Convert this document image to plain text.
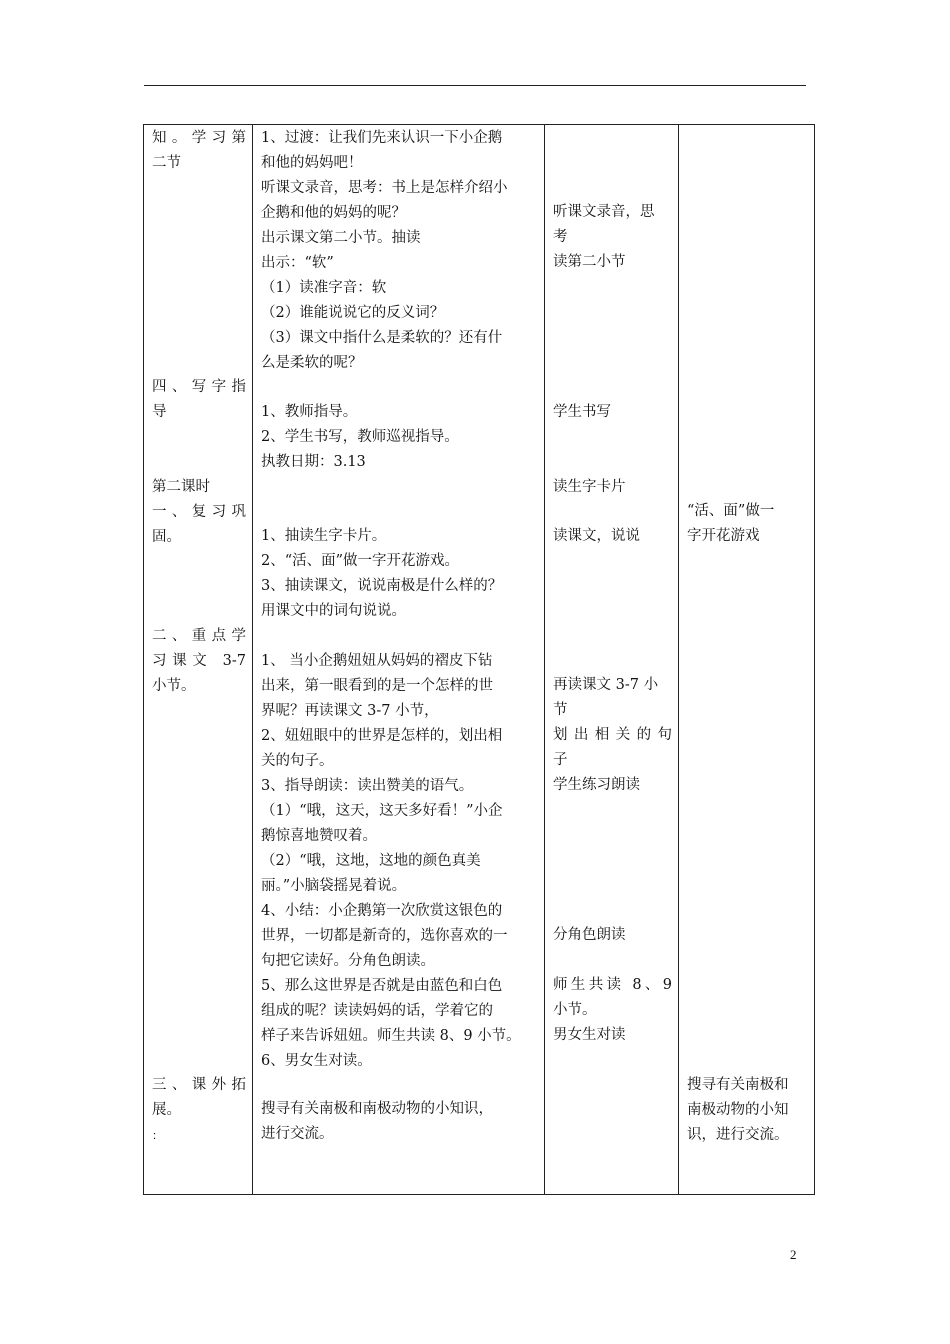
知。学习第
二节
四、写字指
导
第二课时
一、复习巩
固。
二、重点学
习课文 3-7
小节。
三、课外拓
展。
：
1、过渡：让我们先来认识一下小企鹅
和他的妈妈吧！
听课文录音，思考：书上是怎样介绍小
企鹅和他的妈妈的呢？
出示课文第二小节。抽读
出示：“软”
（1）读准字音：软
（2）谁能说说它的反义词？
（3）课文中指什么是柔软的？还有什
么是柔软的呢？
1、教师指导。
2、学生书写，教师巡视指导。
执教日期：3.13
1、抽读生字卡片。
2、“活、面”做一字开花游戏。
3、抽读课文，说说南极是什么样的？
用课文中的词句说说。
1、 当小企鹅妞妞从妈妈的褶皮下钻
出来，第一眼看到的是一个怎样的世
界呢？再读课文 3-7 小节，
2、妞妞眼中的世界是怎样的，划出相
关的句子。
3、指导朗读：读出赞美的语气。
（1）“哦，这天，这天多好看！”小企
鹅惊喜地赞叹着。
（2）“哦，这地，这地的颜色真美
丽。”小脑袋摇晃着说。
4、小结：小企鹅第一次欣赏这银色的
世界，一切都是新奇的，选你喜欢的一
句把它读好。分角色朗读。
5、那么这世界是否就是由蓝色和白色
组成的呢？读读妈妈的话，学着它的
样子来告诉妞妞。师生共读 8、9 小节。
6、男女生对读。
搜寻有关南极和南极动物的小知识，
进行交流。
听课文录音，思
考
读第二小节
学生书写
读生字卡片
读课文，说说
再读课文 3-7 小
节
划出相关的句
子
学生练习朗读
分角色朗读
师生共读 8、9
小节。
男女生对读
“活、面”做一
字开花游戏
搜寻有关南极和
南极动物的小知
识，进行交流。
2
